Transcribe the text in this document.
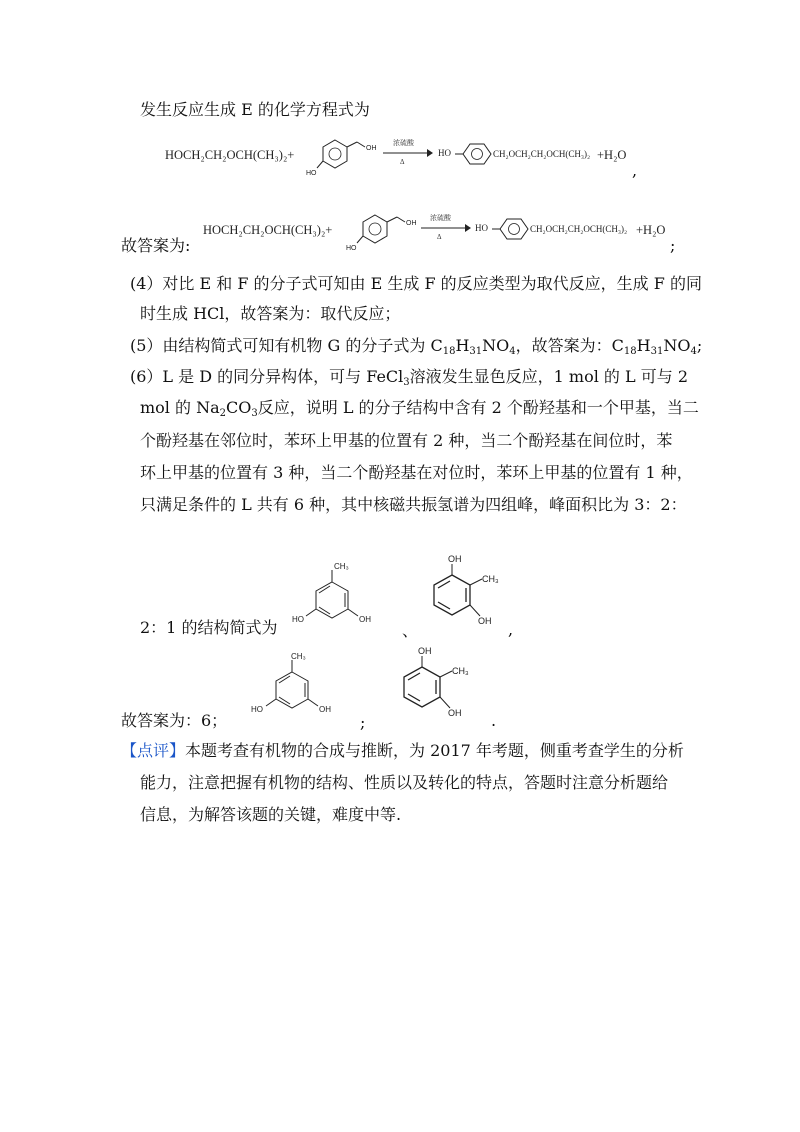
发生反应生成 E 的化学方程式为
HOCH₂CH₂OCH(CH₃)₂+	OH
HO
浓硫酸
Δ
HO	CH₂OCH₂CH₂OCH(CH₃)₂ +H₂O
,
故答案为:
HOCH₂CH₂OCH(CH₃)₂+	OH
HO
浓硫酸
Δ
HO	CH₂OCH₂CH₂OCH(CH₃)₂ +H₂O
;
(4）对比 E 和 F 的分子式可知由 E 生成 F 的反应类型为取代反应，生成 F 的同
时生成 HCl，故答案为：取代反应；
(5）由结构简式可知有机物 G 的分子式为 $C_{18}H_{31}NO_4$，故答案为：$C_{18}H_{31}NO_4$;
(6）L 是 D 的同分异构体，可与 FeCl$_3$溶液发生显色反应，1 mol 的 L 可与 2
mol 的 $Na_2CO_3$反应，说明 L 的分子结构中含有 2 个酚羟基和一个甲基，当二
个酚羟基在邻位时，苯环上甲基的位置有 2 种，当二个酚羟基在间位时，苯
环上甲基的位置有 3 种，当二个酚羟基在对位时，苯环上甲基的位置有 1 种，
只满足条件的 L 共有 6 种，其中核磁共振氢谱为四组峰，峰面积比为 3：2：
2：1 的结构简式为
CH₃
HO	OH
、
OH
CH₃
OH ,
故答案为：6；
CH₃
HO	OH
;
OH
CH₃
OH .
【点评】本题考查有机物的合成与推断，为 2017 年考题，侧重考查学生的分析
能力，注意把握有机物的结构、性质以及转化的特点，答题时注意分析题给
信息，为解答该题的关键，难度中等.
